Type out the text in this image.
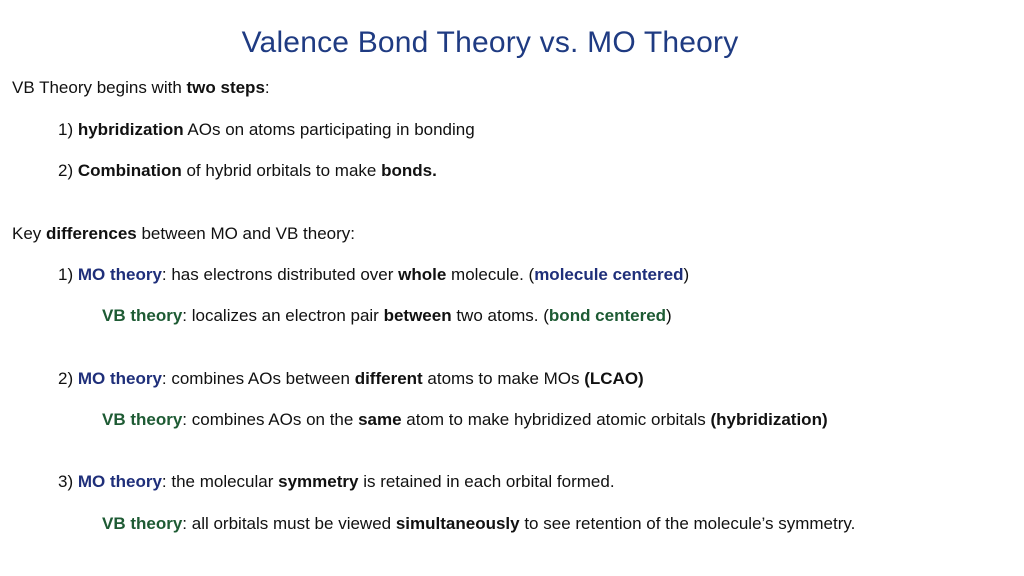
Valence Bond Theory vs. MO Theory
VB Theory begins with two steps:
1) hybridization AOs on atoms participating in bonding
2) Combination of hybrid orbitals to make bonds.
Key differences between MO and VB theory:
1) MO theory: has electrons distributed over whole molecule. (molecule centered)
VB theory: localizes an electron pair between two atoms. (bond centered)
2) MO theory: combines AOs between different atoms to make MOs (LCAO)
VB theory: combines AOs on the same atom to make hybridized atomic orbitals (hybridization)
3) MO theory: the molecular symmetry is retained in each orbital formed.
VB theory: all orbitals must be viewed simultaneously to see retention of the molecule’s symmetry.
